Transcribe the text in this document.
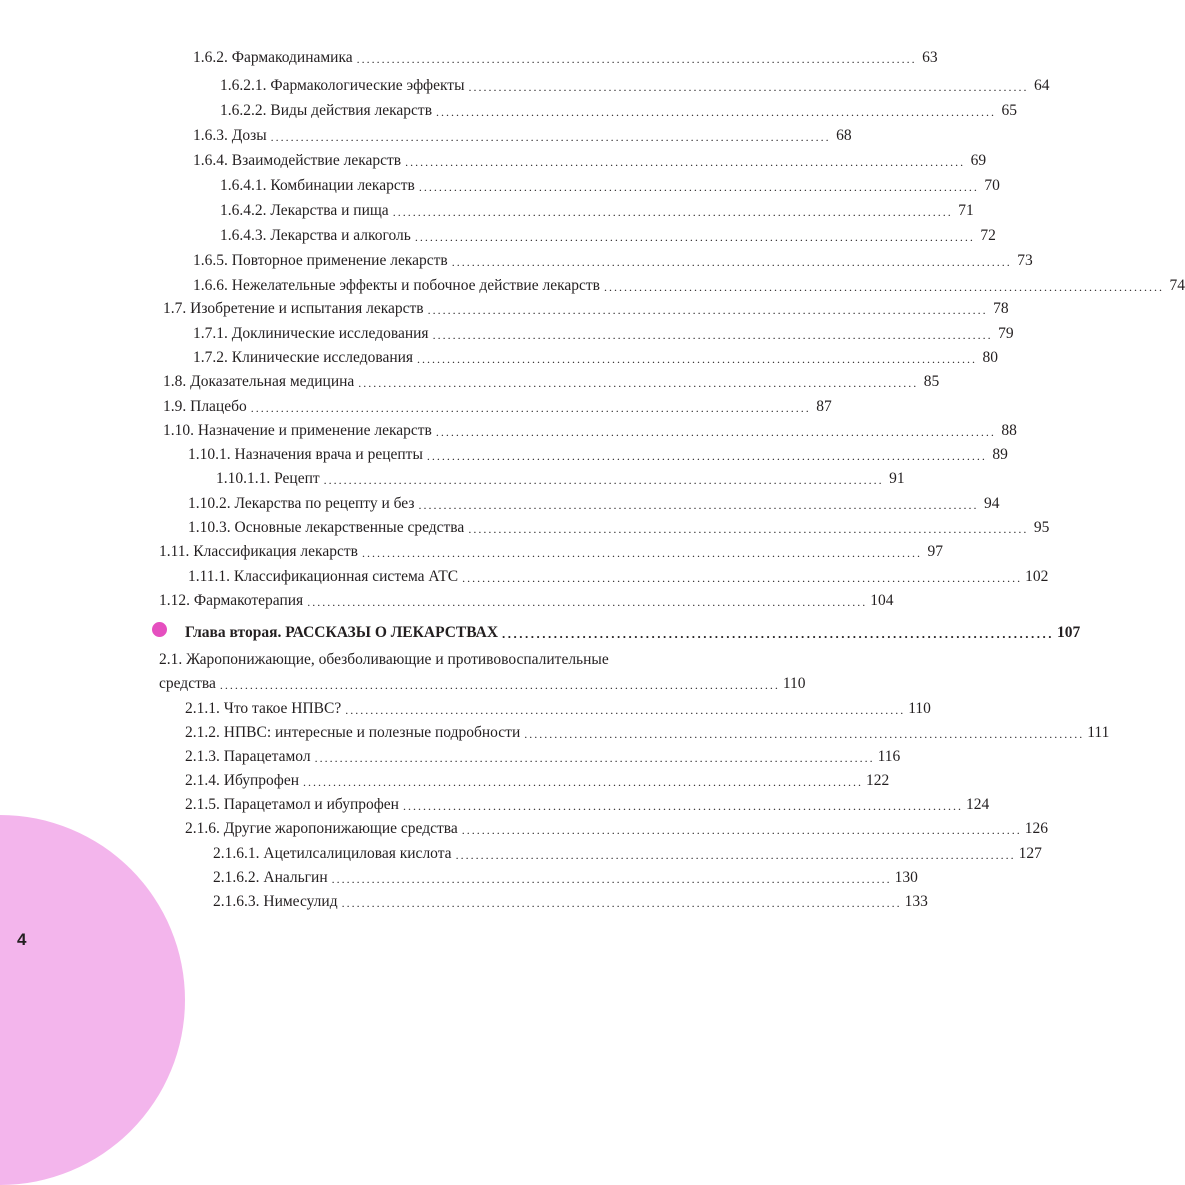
4
1.6.2. Фармакодинамика ................................................................................................................ 63
1.6.2.1. Фармакологические эффекты ................................................................................................................ 64
1.6.2.2. Виды действия лекарств ................................................................................................................ 65
1.6.3. Дозы ................................................................................................................ 68
1.6.4. Взаимодействие лекарств ................................................................................................................ 69
1.6.4.1. Комбинации лекарств ................................................................................................................ 70
1.6.4.2. Лекарства и пища ................................................................................................................ 71
1.6.4.3. Лекарства и алкоголь ................................................................................................................ 72
1.6.5. Повторное применение лекарств ................................................................................................................ 73
1.6.6. Нежелательные эффекты и побочное действие лекарств ................................................................................................................ 74
1.7. Изобретение и испытания лекарств ................................................................................................................ 78
1.7.1. Доклинические исследования ................................................................................................................ 79
1.7.2. Клинические исследования ................................................................................................................ 80
1.8. Доказательная медицина ................................................................................................................ 85
1.9. Плацебо ................................................................................................................ 87
1.10. Назначение и применение лекарств ................................................................................................................ 88
1.10.1. Назначения врача и рецепты ................................................................................................................ 89
1.10.1.1. Рецепт ................................................................................................................ 91
1.10.2. Лекарства по рецепту и без ................................................................................................................ 94
1.10.3. Основные лекарственные средства ................................................................................................................ 95
1.11. Классификация лекарств ................................................................................................................ 97
1.11.1. Классификационная система АТС ................................................................................................................ 102
1.12. Фармакотерапия ................................................................................................................ 104
Глава вторая. РАССКАЗЫ О ЛЕКАРСТВАХ ................................................................................................ 107
2.1. Жаропонижающие, обезболивающие и противовоспалительные
средства ................................................................................................................ 110
2.1.1. Что такое НПВС? ................................................................................................................ 110
2.1.2. НПВС: интересные и полезные подробности ................................................................................................................ 111
2.1.3. Парацетамол ................................................................................................................ 116
2.1.4. Ибупрофен ................................................................................................................ 122
2.1.5. Парацетамол и ибупрофен ................................................................................................................ 124
2.1.6. Другие жаропонижающие средства ................................................................................................................ 126
2.1.6.1. Ацетилсалициловая кислота ................................................................................................................ 127
2.1.6.2. Анальгин ................................................................................................................ 130
2.1.6.3. Нимесулид ................................................................................................................ 133
